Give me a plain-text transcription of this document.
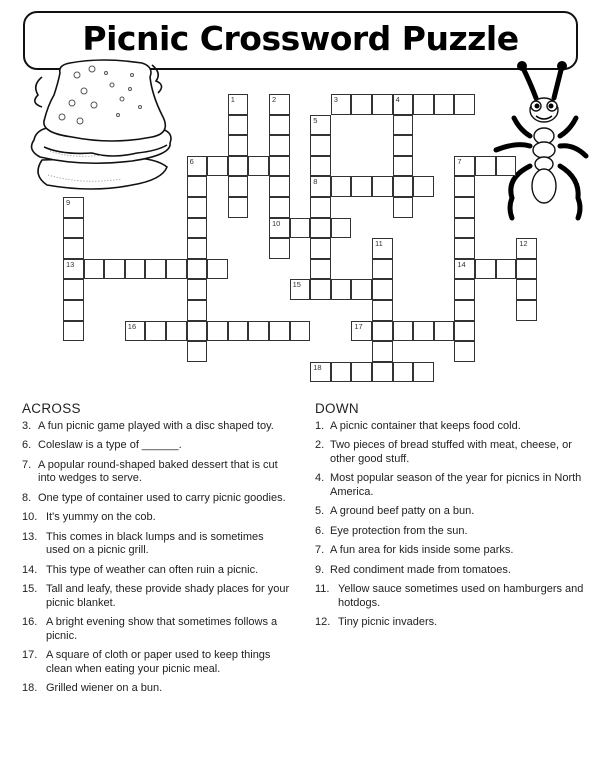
Picnic Crossword Puzzle
1	2
10
3	4
5
8
6	7
14
9
13
11	12
15
16	17
18
ACROSS
3. A fun picnic game played with a disc shaped toy.
6. Coleslaw is a type of ______.
7. A popular round-shaped baked dessert that is cut into wedges to serve.
8. One type of container used to carry picnic goodies.
10. It's yummy on the cob.
13. This comes in black lumps and is sometimes used on a picnic grill.
14. This type of weather can often ruin a picnic.
15. Tall and leafy, these provide shady places for your picnic blanket.
16. A bright evening show that sometimes follows a picnic.
17. A square of cloth or paper used to keep things clean when eating your picnic meal.
18. Grilled wiener on a bun.
DOWN
1. A picnic container that keeps food cold.
2. Two pieces of bread stuffed with meat, cheese, or other good stuff.
4. Most popular season of the year for picnics in North America.
5. A ground beef patty on a bun.
6. Eye protection from the sun.
7. A fun area for kids inside some parks.
9. Red condiment made from tomatoes.
11. Yellow sauce sometimes used on hamburgers and hotdogs.
12. Tiny picnic invaders.
